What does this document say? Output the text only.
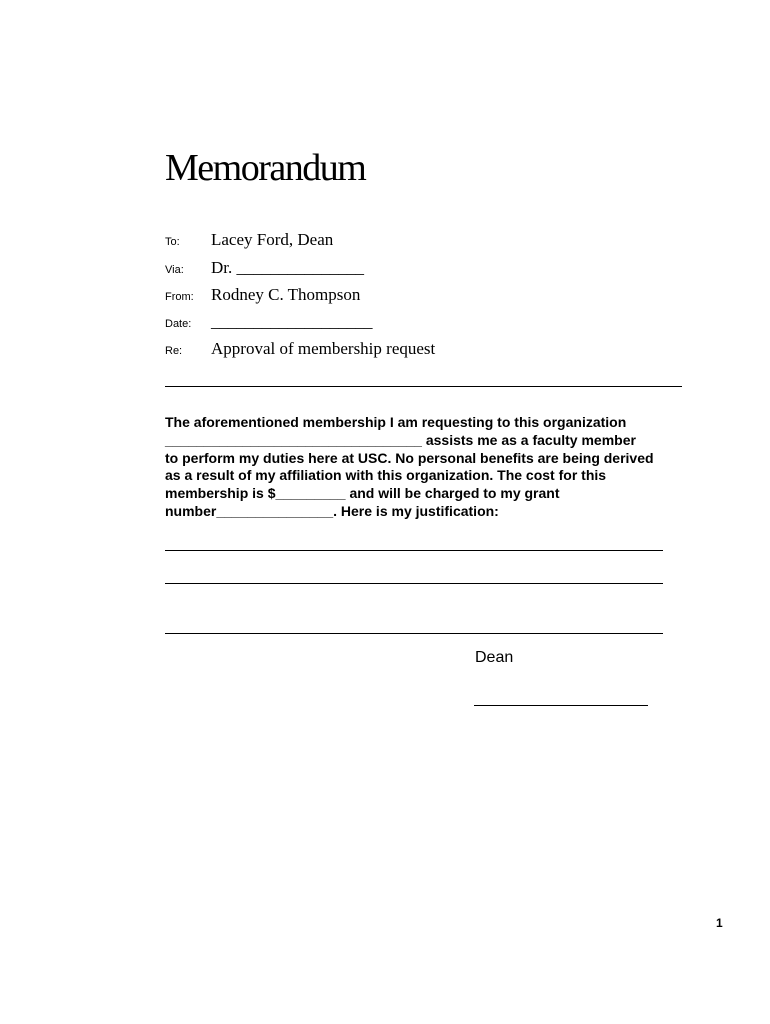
Memorandum
To:	Lacey Ford, Dean
Via:	Dr. _______________
From:	Rodney C. Thompson
Date:	___________________
Re:	Approval of membership request
The aforementioned membership I am requesting to this organization
_________________________________ assists me as a faculty member
to perform my duties here at USC. No personal benefits are being derived
as a result of my affiliation with this organization. The cost for this
membership is $_________ and will be charged to my grant
number_______________. Here is my justification:
Dean
1
